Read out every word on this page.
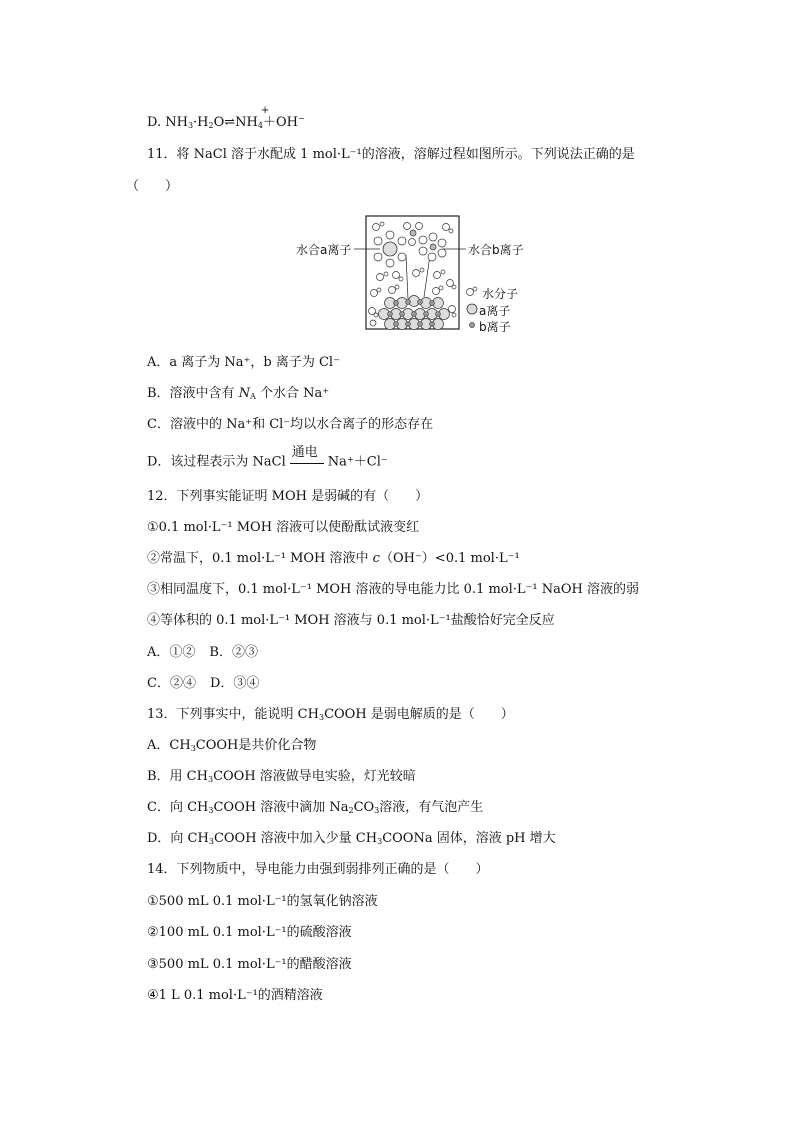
D. $NH_3\cdot H_2O\rightleftharpoons NH_4$
+
＋OH−

11．将 NaCl 溶于水配成 1 mol·L⁻¹的溶液，溶解过程如图所示。下列说法正确的是

（　　）

水合a离子	水合b离子
水分子
a离子
b离子

A．a 离子为 Na⁺，b 离子为 Cl⁻

B．溶液中含有 $N_A$ 个水合 Na⁺

C．溶液中的 Na⁺和 Cl⁻均以水合离子的形态存在

D．该过程表示为 NaCl
通电
Na⁺＋Cl⁻

12．下列事实能证明 MOH 是弱碱的有（　　）

①0.1 mol·L⁻¹ MOH 溶液可以使酚酞试液变红

②常温下，0.1 mol·L⁻¹ MOH 溶液中 c（OH⁻）<0.1 mol·L⁻¹

③相同温度下，0.1 mol·L⁻¹ MOH 溶液的导电能力比 0.1 mol·L⁻¹ NaOH 溶液的弱

④等体积的 0.1 mol·L⁻¹ MOH 溶液与 0.1 mol·L⁻¹盐酸恰好完全反应

A．①② B．②③

C．②④ D．③④

13．下列事实中，能说明 $CH_3COOH$ 是弱电解质的是（　　）

A．$CH_3COOH$是共价化合物

B．用 $CH_3COOH$ 溶液做导电实验，灯光较暗

C．向 $CH_3COOH$ 溶液中滴加 $Na_2CO_3$溶液，有气泡产生

D．向 $CH_3COOH$ 溶液中加入少量 $CH_3COONa$ 固体，溶液 pH 增大

14．下列物质中，导电能力由强到弱排列正确的是（　　）

①500 mL 0.1 mol·L⁻¹的氢氧化钠溶液

②100 mL 0.1 mol·L⁻¹的硫酸溶液

③500 mL 0.1 mol·L⁻¹的醋酸溶液

④1 L 0.1 mol·L⁻¹的酒精溶液
